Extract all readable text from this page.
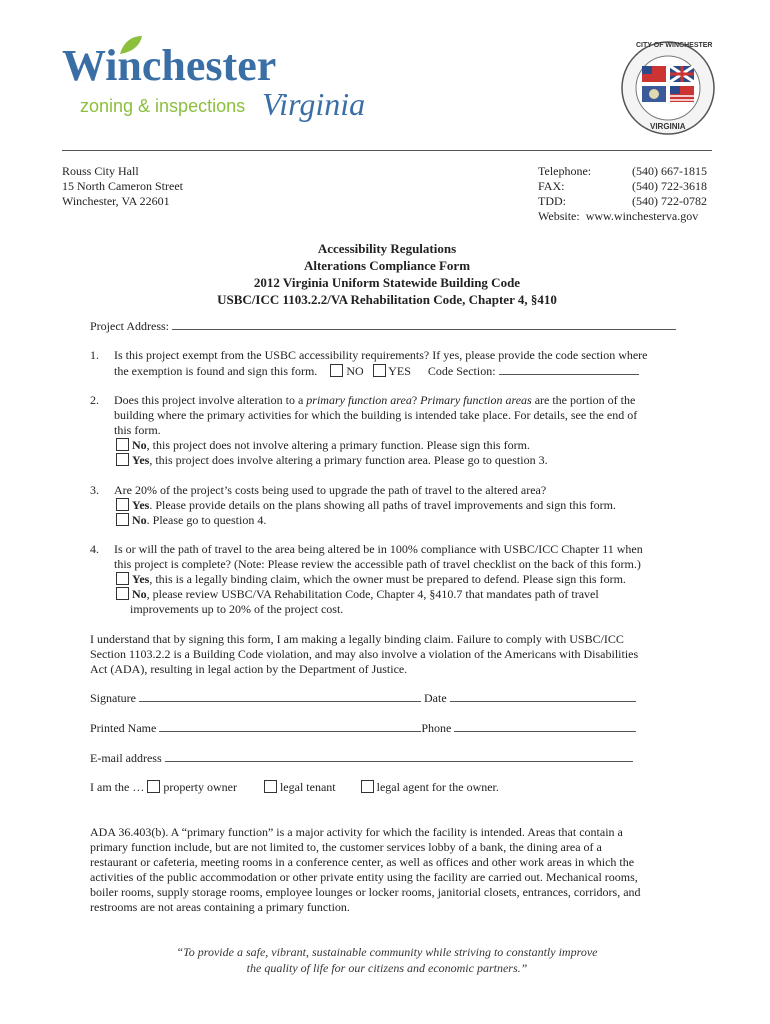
Winchester
zoning & inspections Virginia
CITY OF WINCHESTER
VIRGINIA
Rouss City Hall
15 North Cameron Street
Winchester, VA 22601
Telephone:	(540) 667-1815
FAX:	(540) 722-3618
TDD:	(540) 722-0782
Website: www.winchesterva.gov
Accessibility Regulations
Alterations Compliance Form
2012 Virginia Uniform Statewide Building Code
USBC/ICC 1103.2.2/VA Rehabilitation Code, Chapter 4, §410
Project Address:
1. Is this project exempt from the USBC accessibility requirements? If yes, please provide the code section where
the exemption is found and sign this form. NO YES Code Section:
2. Does this project involve alteration to a primary function area? Primary function areas are the portion of the
building where the primary activities for which the building is intended take place. For details, see the end of
this form.
No, this project does not involve altering a primary function. Please sign this form.
Yes, this project does involve altering a primary function area. Please go to question 3.
3. Are 20% of the project’s costs being used to upgrade the path of travel to the altered area?
Yes. Please provide details on the plans showing all paths of travel improvements and sign this form.
No. Please go to question 4.
4. Is or will the path of travel to the area being altered be in 100% compliance with USBC/ICC Chapter 11 when
this project is complete? (Note: Please review the accessible path of travel checklist on the back of this form.)
Yes, this is a legally binding claim, which the owner must be prepared to defend. Please sign this form.
No, please review USBC/VA Rehabilitation Code, Chapter 4, §410.7 that mandates path of travel
improvements up to 20% of the project cost.
I understand that by signing this form, I am making a legally binding claim. Failure to comply with USBC/ICC
Section 1103.2.2 is a Building Code violation, and may also involve a violation of the Americans with Disabilities
Act (ADA), resulting in legal action by the Department of Justice.
Signature	Date
Printed Name	Phone
E-mail address
I am the … property owner	legal tenant	legal agent for the owner.
ADA 36.403(b). A “primary function” is a major activity for which the facility is intended. Areas that contain a
primary function include, but are not limited to, the customer services lobby of a bank, the dining area of a
restaurant or cafeteria, meeting rooms in a conference center, as well as offices and other work areas in which the
activities of the public accommodation or other private entity using the facility are carried out. Mechanical rooms,
boiler rooms, supply storage rooms, employee lounges or locker rooms, janitorial closets, entrances, corridors, and
restrooms are not areas containing a primary function.
“To provide a safe, vibrant, sustainable community while striving to constantly improve
the quality of life for our citizens and economic partners.”
